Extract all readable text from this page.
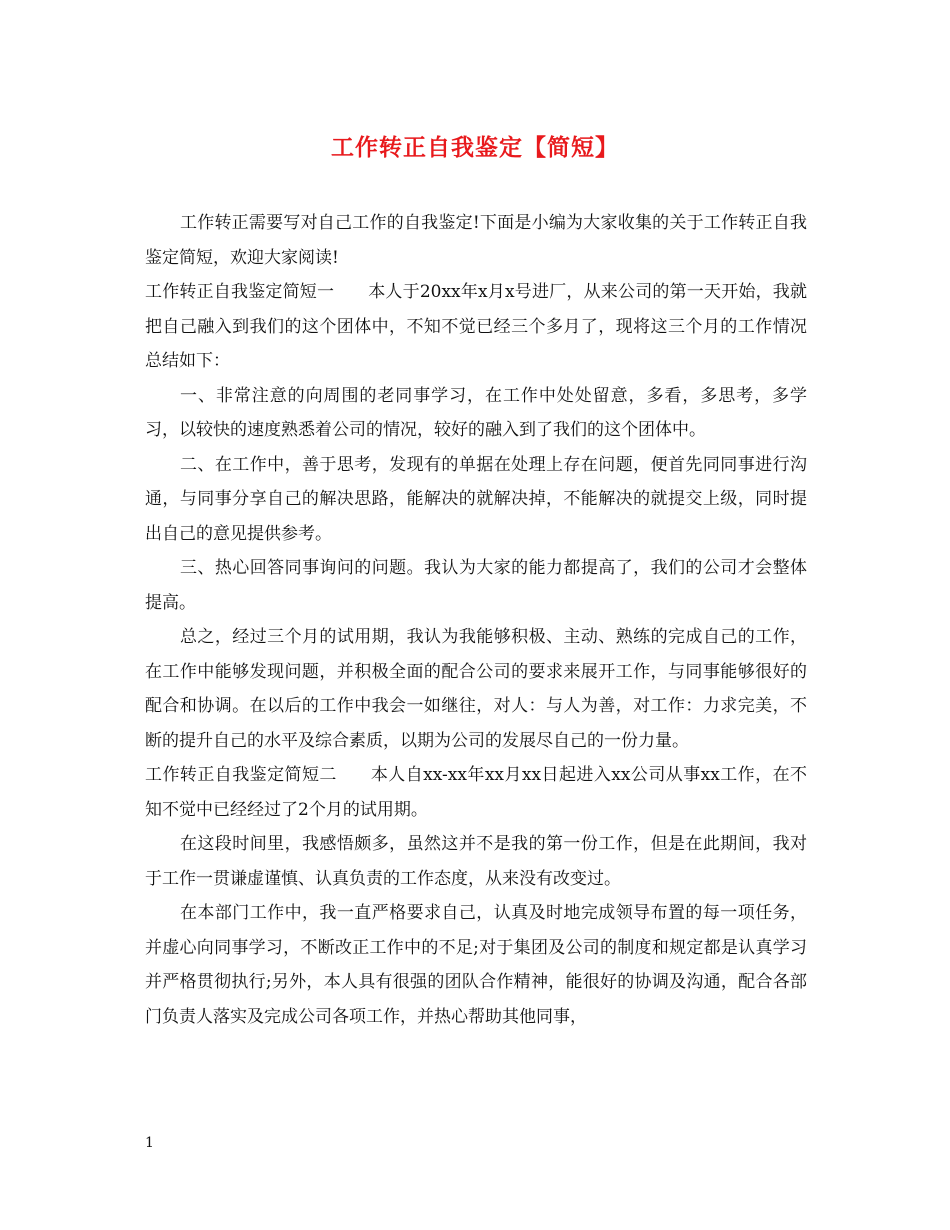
工作转正自我鉴定【简短】

工作转正需要写对自己工作的自我鉴定!下面是小编为大家收集的关于工作转正自我鉴定简短，欢迎大家阅读!

工作转正自我鉴定简短一 本人于20xx年x月x号进厂，从来公司的第一天开始，我就把自己融入到我们的这个团体中，不知不觉已经三个多月了，现将这三个月的工作情况总结如下：

一、非常注意的向周围的老同事学习，在工作中处处留意，多看，多思考，多学习，以较快的速度熟悉着公司的情况，较好的融入到了我们的这个团体中。

二、在工作中，善于思考，发现有的单据在处理上存在问题，便首先同同事进行沟通，与同事分享自己的解决思路，能解决的就解决掉，不能解决的就提交上级，同时提出自己的意见提供参考。

三、热心回答同事询问的问题。我认为大家的能力都提高了，我们的公司才会整体提高。

总之，经过三个月的试用期，我认为我能够积极、主动、熟练的完成自己的工作，在工作中能够发现问题，并积极全面的配合公司的要求来展开工作，与同事能够很好的配合和协调。在以后的工作中我会一如继往，对人：与人为善，对工作：力求完美，不断的提升自己的水平及综合素质，以期为公司的发展尽自己的一份力量。

工作转正自我鉴定简短二 本人自xx-xx年xx月xx日起进入xx公司从事xx工作，在不知不觉中已经经过了2个月的试用期。

在这段时间里，我感悟颇多，虽然这并不是我的第一份工作，但是在此期间，我对于工作一贯谦虚谨慎、认真负责的工作态度，从来没有改变过。

在本部门工作中，我一直严格要求自己，认真及时地完成领导布置的每一项任务，并虚心向同事学习，不断改正工作中的不足;对于集团及公司的制度和规定都是认真学习并严格贯彻执行;另外，本人具有很强的团队合作精神，能很好的协调及沟通，配合各部门负责人落实及完成公司各项工作，并热心帮助其他同事，

1
